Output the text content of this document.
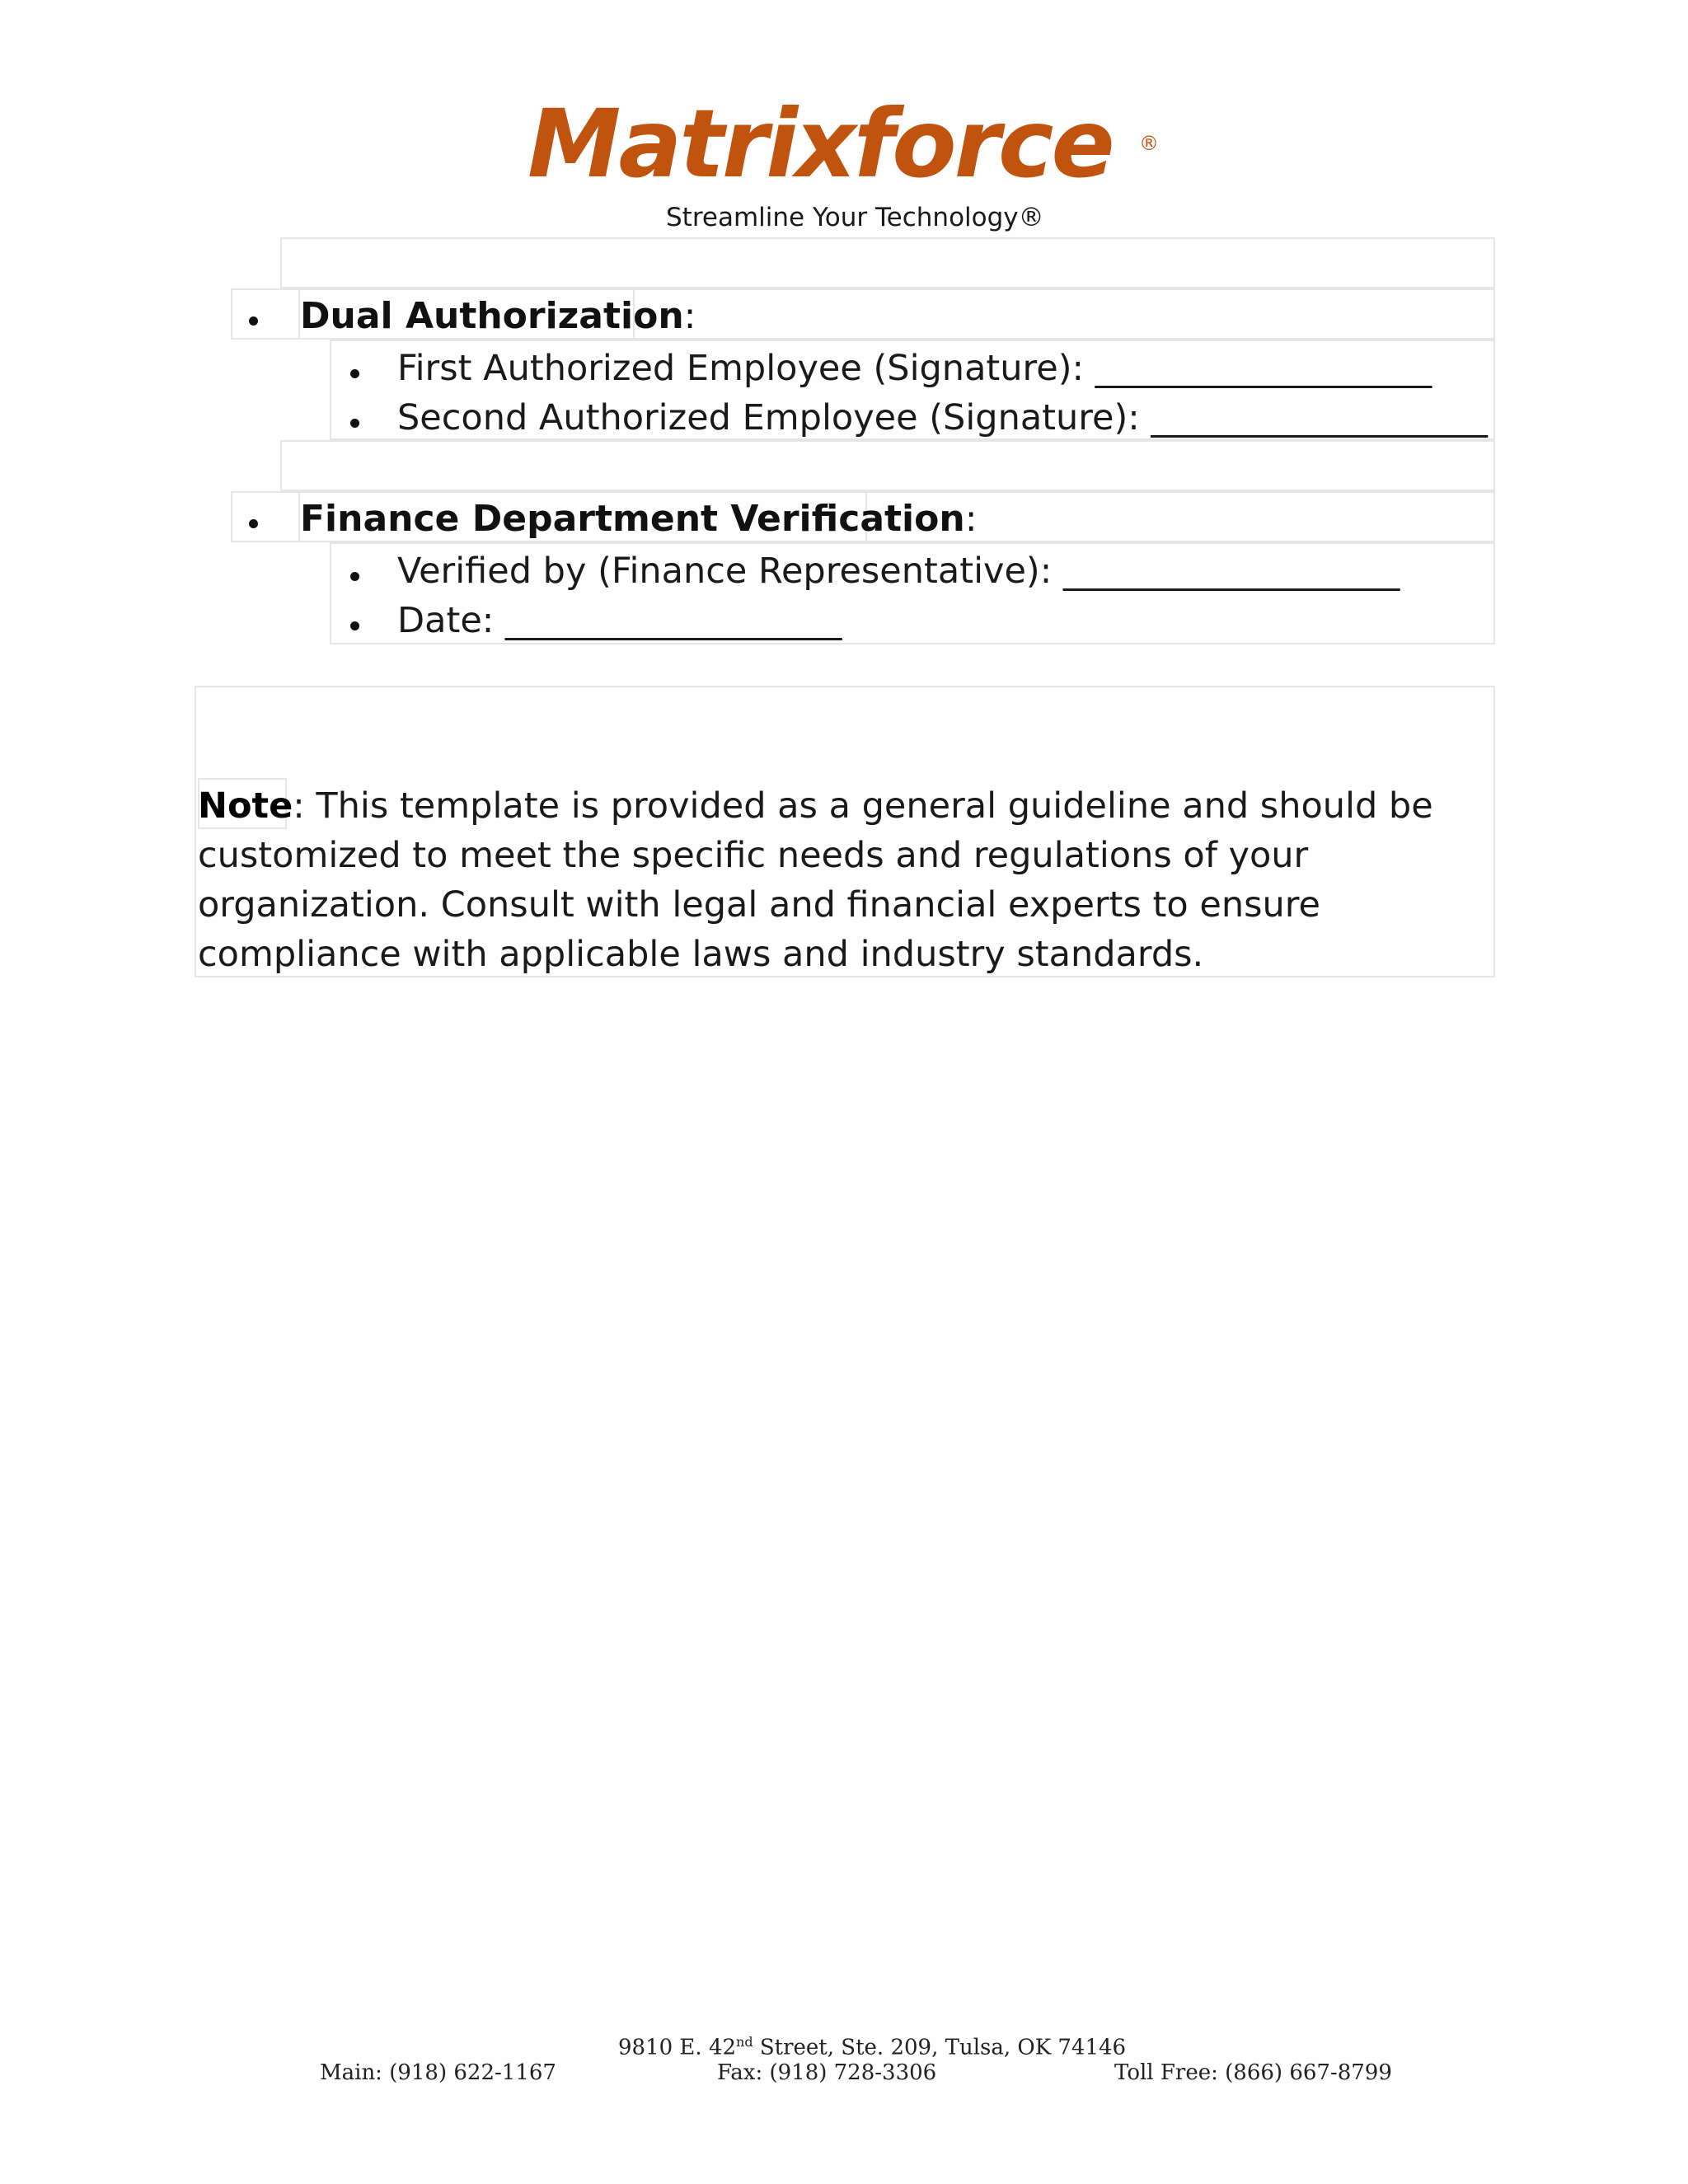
Matrixforce ®
Streamline Your Technology®
Dual Authorization:
First Authorized Employee (Signature): ___________________
Second Authorized Employee (Signature): ___________________
Finance Department Verification:
Verified by (Finance Representative): ___________________
Date: ___________________
Note: This template is provided as a general guideline and should be customized to meet the specific needs and regulations of your organization. Consult with legal and financial experts to ensure compliance with applicable laws and industry standards.
9810 E. 42nd Street, Ste. 209, Tulsa, OK 74146
Main: (918) 622-1167	Fax: (918) 728-3306	Toll Free: (866) 667-8799
